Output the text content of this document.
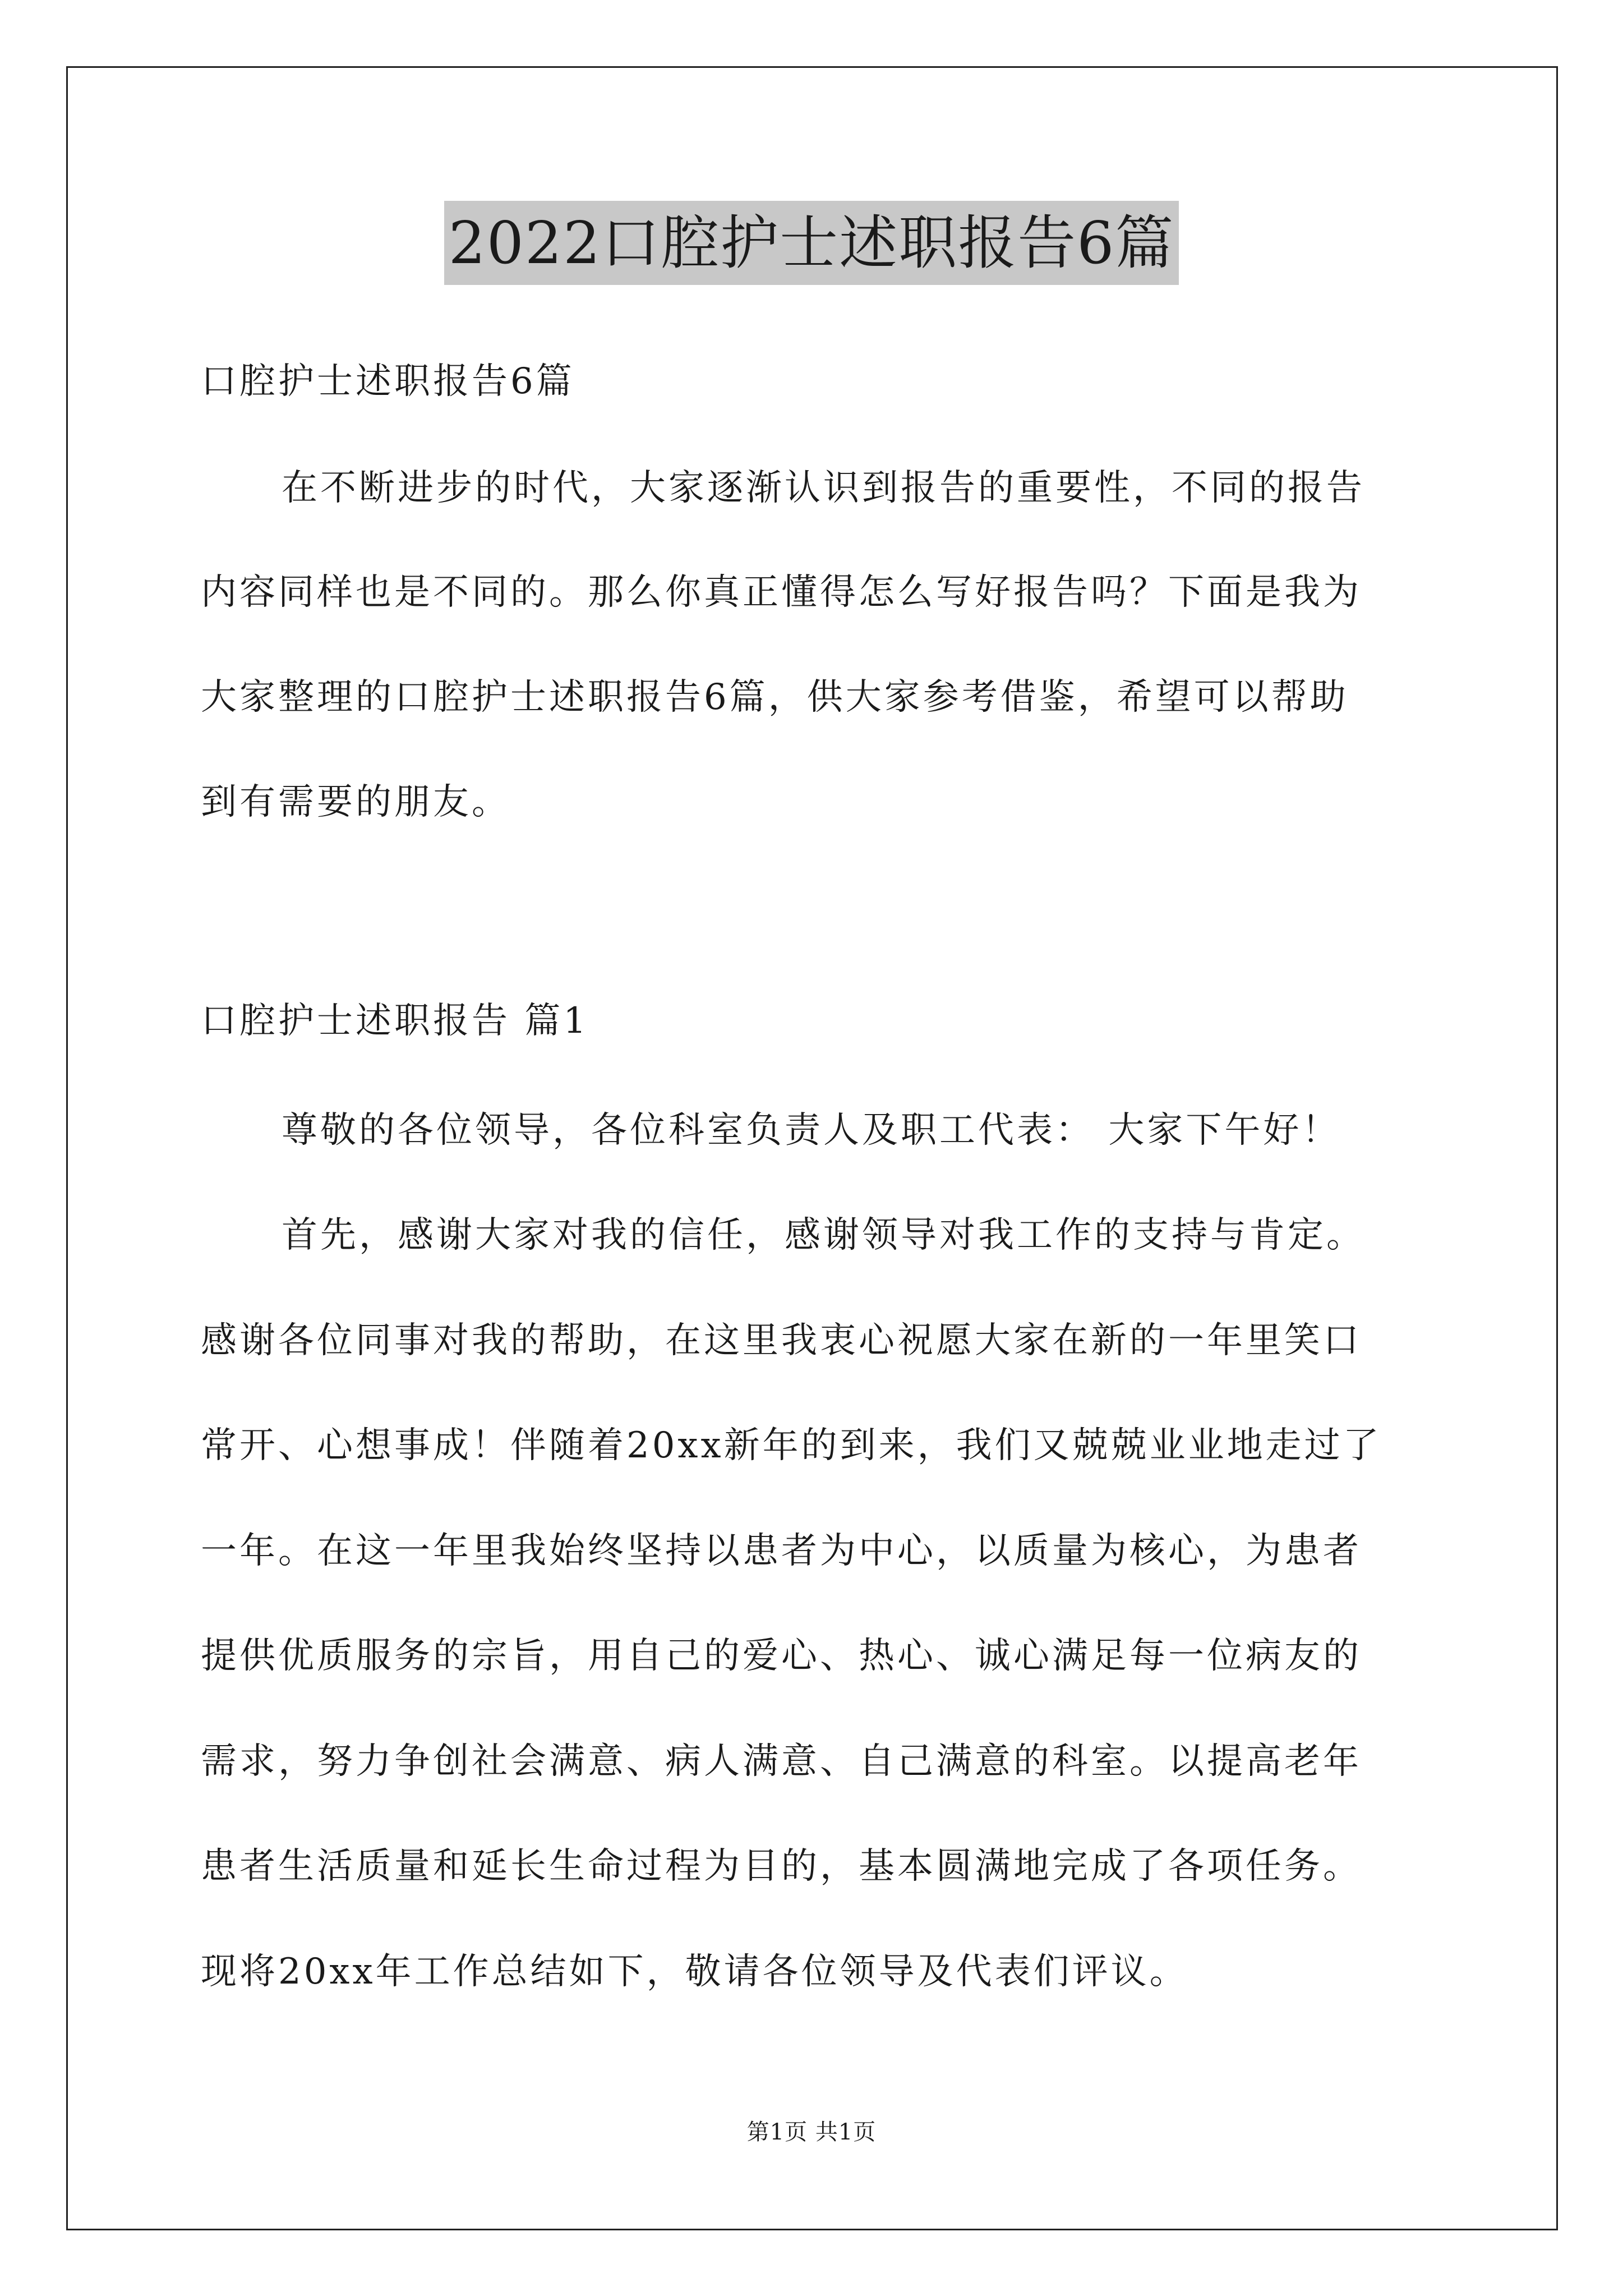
2022口腔护士述职报告6篇

口腔护士述职报告6篇

在不断进步的时代，大家逐渐认识到报告的重要性，不同的报告

内容同样也是不同的。那么你真正懂得怎么写好报告吗？下面是我为

大家整理的口腔护士述职报告6篇，供大家参考借鉴，希望可以帮助

到有需要的朋友。

口腔护士述职报告 篇1

尊敬的各位领导，各位科室负责人及职工代表： 大家下午好！

首先，感谢大家对我的信任，感谢领导对我工作的支持与肯定。

感谢各位同事对我的帮助，在这里我衷心祝愿大家在新的一年里笑口

常开、心想事成！伴随着20xx新年的到来，我们又兢兢业业地走过了

一年。在这一年里我始终坚持以患者为中心，以质量为核心，为患者

提供优质服务的宗旨，用自己的爱心、热心、诚心满足每一位病友的

需求，努力争创社会满意、病人满意、自己满意的科室。以提高老年

患者生活质量和延长生命过程为目的，基本圆满地完成了各项任务。

现将20xx年工作总结如下，敬请各位领导及代表们评议。

第1页 共1页
